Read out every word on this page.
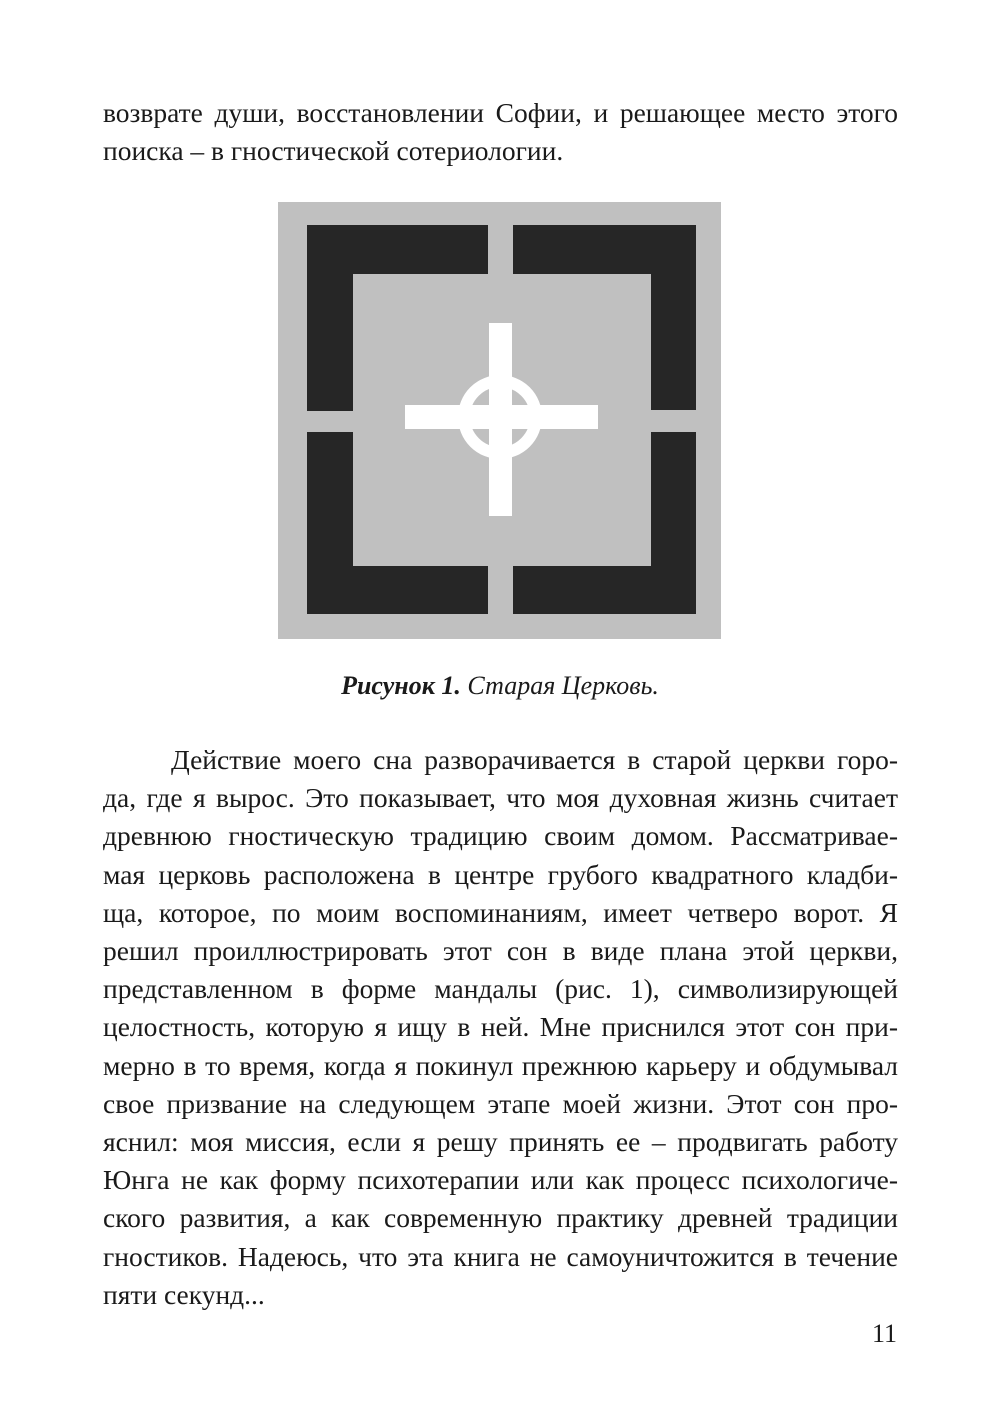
возврате души, восстановлении Софии, и решающее место этого
поиска – в гностической сотериологии.
Рисунок 1. Старая Церковь.
Действие моего сна разворачивается в старой церкви горо-
да, где я вырос. Это показывает, что моя духовная жизнь считает
древнюю гностическую традицию своим домом. Рассматривае-
мая церковь расположена в центре грубого квадратного кладби-
ща, которое, по моим воспоминаниям, имеет четверо ворот. Я
решил проиллюстрировать этот сон в виде плана этой церкви,
представленном в форме мандалы (рис. 1), символизирующей
целостность, которую я ищу в ней. Мне приснился этот сон при-
мерно в то время, когда я покинул прежнюю карьеру и обдумывал
свое призвание на следующем этапе моей жизни. Этот сон про-
яснил: моя миссия, если я решу принять ее – продвигать работу
Юнга не как форму психотерапии или как процесс психологиче-
ского развития, а как современную практику древней традиции
гностиков. Надеюсь, что эта книга не самоуничтожится в течение
пяти секунд...
11
